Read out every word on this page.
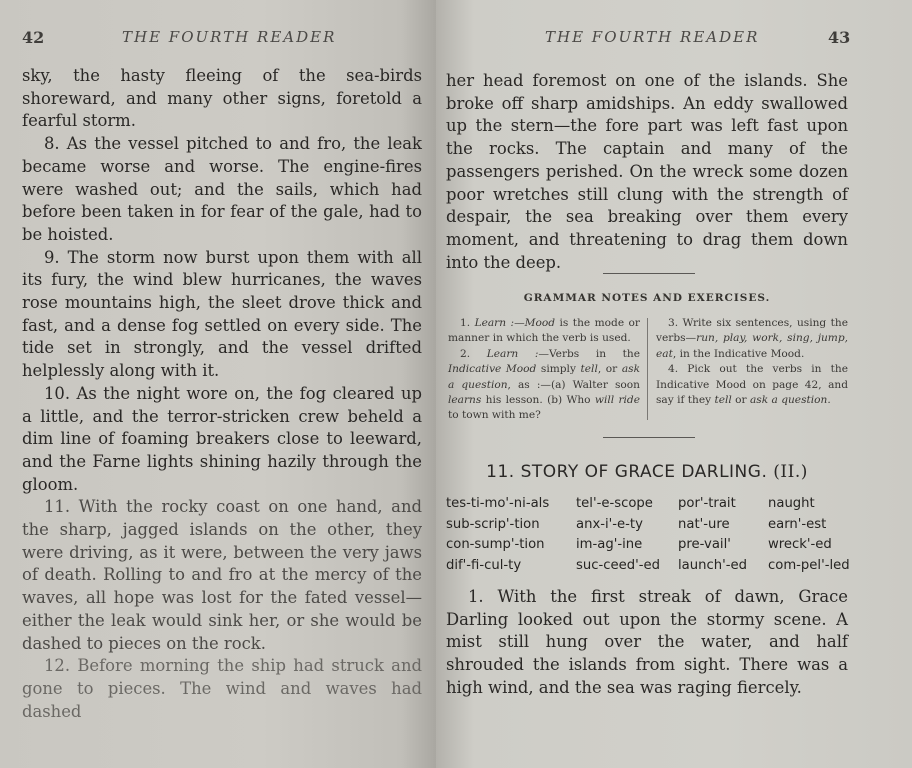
42	THE FOURTH READER

sky, the hasty fleeing of the sea-birds shoreward, and many other signs, foretold a fearful storm.

8. As the vessel pitched to and fro, the leak became worse and worse. The engine-fires were washed out; and the sails, which had before been taken in for fear of the gale, had to be hoisted.

9. The storm now burst upon them with all its fury, the wind blew hurricanes, the waves rose mountains high, the sleet drove thick and fast, and a dense fog settled on every side. The tide set in strongly, and the vessel drifted helplessly along with it.

10. As the night wore on, the fog cleared up a little, and the terror-stricken crew beheld a dim line of foaming breakers close to leeward, and the Farne lights shining hazily through the gloom.

11. With the rocky coast on one hand, and the sharp, jagged islands on the other, they were driving, as it were, between the very jaws of death. Rolling to and fro at the mercy of the waves, all hope was lost for the fated vessel—either the leak would sink her, or she would be dashed to pieces on the rock.

12. Before morning the ship had struck and gone to pieces. The wind and waves had dashed

THE FOURTH READER	43

her head foremost on one of the islands. She broke off sharp amidships. An eddy swallowed up the stern—the fore part was left fast upon the rocks. The captain and many of the passengers perished. On the wreck some dozen poor wretches still clung with the strength of despair, the sea breaking over them every moment, and threatening to drag them down into the deep.

GRAMMAR NOTES AND EXERCISES.
1. Learn :—Mood is the mode or manner in which the verb is used.
2. Learn :—Verbs in the Indicative Mood simply tell, or ask a question, as :—(a) Walter soon learns his lesson. (b) Who will ride to town with me?
3. Write six sentences, using the verbs—run, play, work, sing, jump, eat, in the Indicative Mood.
4. Pick out the verbs in the Indicative Mood on page 42, and say if they tell or ask a question.
11. STORY OF GRACE DARLING. (II.)
tes-ti-mo'-ni-als
sub-scrip'-tion
con-sump'-tion
dif'-fi-cul-ty
tel'-e-scope
anx-i'-e-ty
im-ag'-ine
suc-ceed'-ed
por'-trait
nat'-ure
pre-vail'
launch'-ed
naught
earn'-est
wreck'-ed
com-pel'-led

1. With the first streak of dawn, Grace Darling looked out upon the stormy scene. A mist still hung over the water, and half shrouded the islands from sight. There was a high wind, and the sea was raging fiercely.
